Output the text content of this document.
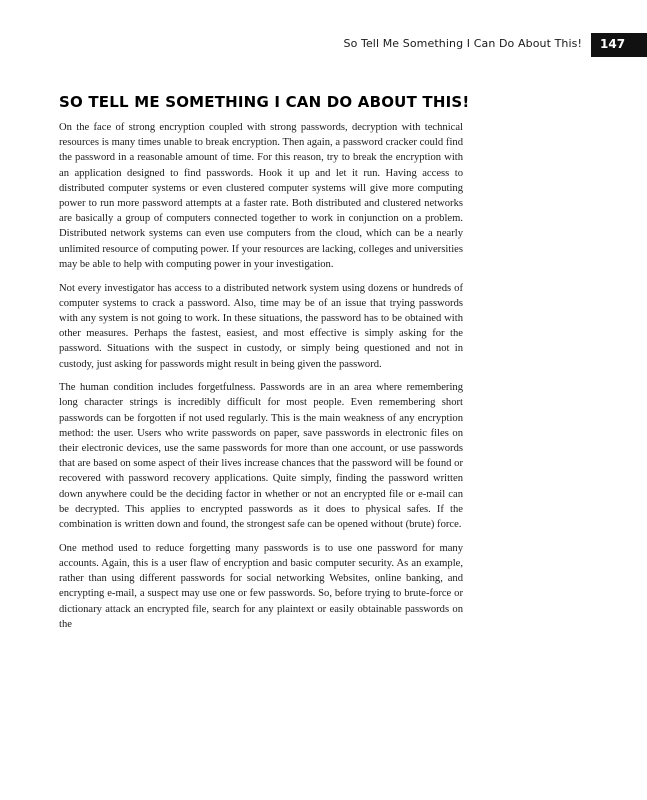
So Tell Me Something I Can Do About This! 147
SO TELL ME SOMETHING I CAN DO ABOUT THIS!

On the face of strong encryption coupled with strong passwords, decryption with technical resources is many times unable to break encryption. Then again, a password cracker could find the password in a reasonable amount of time. For this reason, try to break the encryption with an application designed to find passwords. Hook it up and let it run. Having access to distributed computer systems or even clustered computer systems will give more computing power to run more password attempts at a faster rate. Both distributed and clustered networks are basically a group of computers connected together to work in conjunction on a problem. Distributed network systems can even use computers from the cloud, which can be a nearly unlimited resource of computing power. If your resources are lacking, colleges and universities may be able to help with computing power in your investigation.

Not every investigator has access to a distributed network system using dozens or hundreds of computer systems to crack a password. Also, time may be of an issue that trying passwords with any system is not going to work. In these situations, the password has to be obtained with other measures. Perhaps the fastest, easiest, and most effective is simply asking for the password. Situations with the suspect in custody, or simply being questioned and not in custody, just asking for passwords might result in being given the password.

The human condition includes forgetfulness. Passwords are in an area where remembering long character strings is incredibly difficult for most people. Even remembering short passwords can be forgotten if not used regularly. This is the main weakness of any encryption method: the user. Users who write passwords on paper, save passwords in electronic files on their electronic devices, use the same passwords for more than one account, or use passwords that are based on some aspect of their lives increase chances that the password will be found or recovered with password recovery applications. Quite simply, finding the password written down anywhere could be the deciding factor in whether or not an encrypted file or e-mail can be decrypted. This applies to encrypted passwords as it does to physical safes. If the combination is written down and found, the strongest safe can be opened without (brute) force.

One method used to reduce forgetting many passwords is to use one password for many accounts. Again, this is a user flaw of encryption and basic computer security. As an example, rather than using different passwords for social networking Websites, online banking, and encrypting e-mail, a suspect may use one or few passwords. So, before trying to brute-force or dictionary attack an encrypted file, search for any plaintext or easily obtainable passwords on the
